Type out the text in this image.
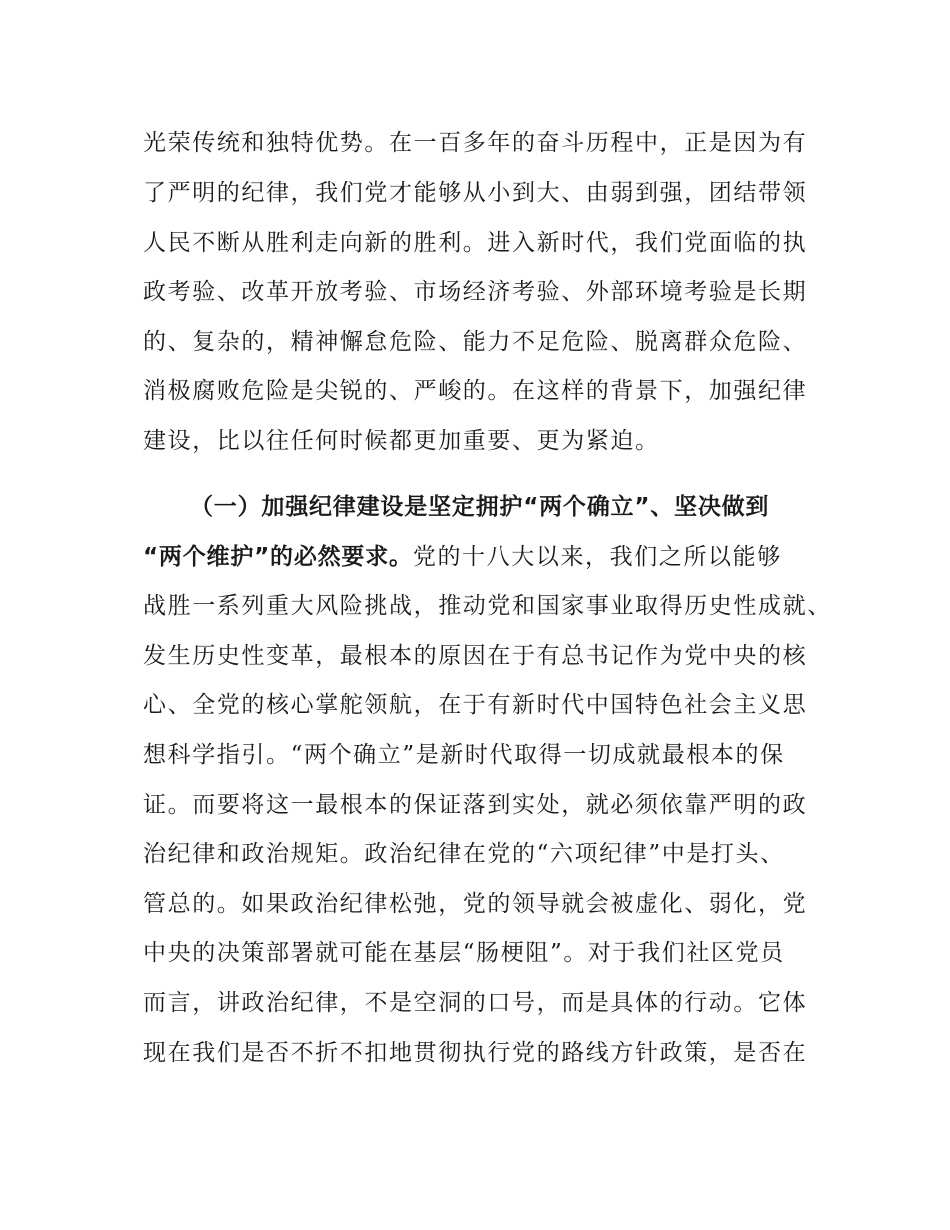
光荣传统和独特优势。在一百多年的奋斗历程中，正是因为有
了严明的纪律，我们党才能够从小到大、由弱到强，团结带领
人民不断从胜利走向新的胜利。进入新时代，我们党面临的执
政考验、改革开放考验、市场经济考验、外部环境考验是长期
的、复杂的，精神懈怠危险、能力不足危险、脱离群众危险、
消极腐败危险是尖锐的、严峻的。在这样的背景下，加强纪律
建设，比以往任何时候都更加重要、更为紧迫。
（一）加强纪律建设是坚定拥护“两个确立”、坚决做到
“两个维护”的必然要求。党的十八大以来，我们之所以能够
战胜一系列重大风险挑战，推动党和国家事业取得历史性成就、
发生历史性变革，最根本的原因在于有总书记作为党中央的核
心、全党的核心掌舵领航，在于有新时代中国特色社会主义思
想科学指引。“两个确立”是新时代取得一切成就最根本的保
证。而要将这一最根本的保证落到实处，就必须依靠严明的政
治纪律和政治规矩。政治纪律在党的“六项纪律”中是打头、
管总的。如果政治纪律松弛，党的领导就会被虚化、弱化，党
中央的决策部署就可能在基层“肠梗阻”。对于我们社区党员
而言，讲政治纪律，不是空洞的口号，而是具体的行动。它体
现在我们是否不折不扣地贯彻执行党的路线方针政策，是否在
